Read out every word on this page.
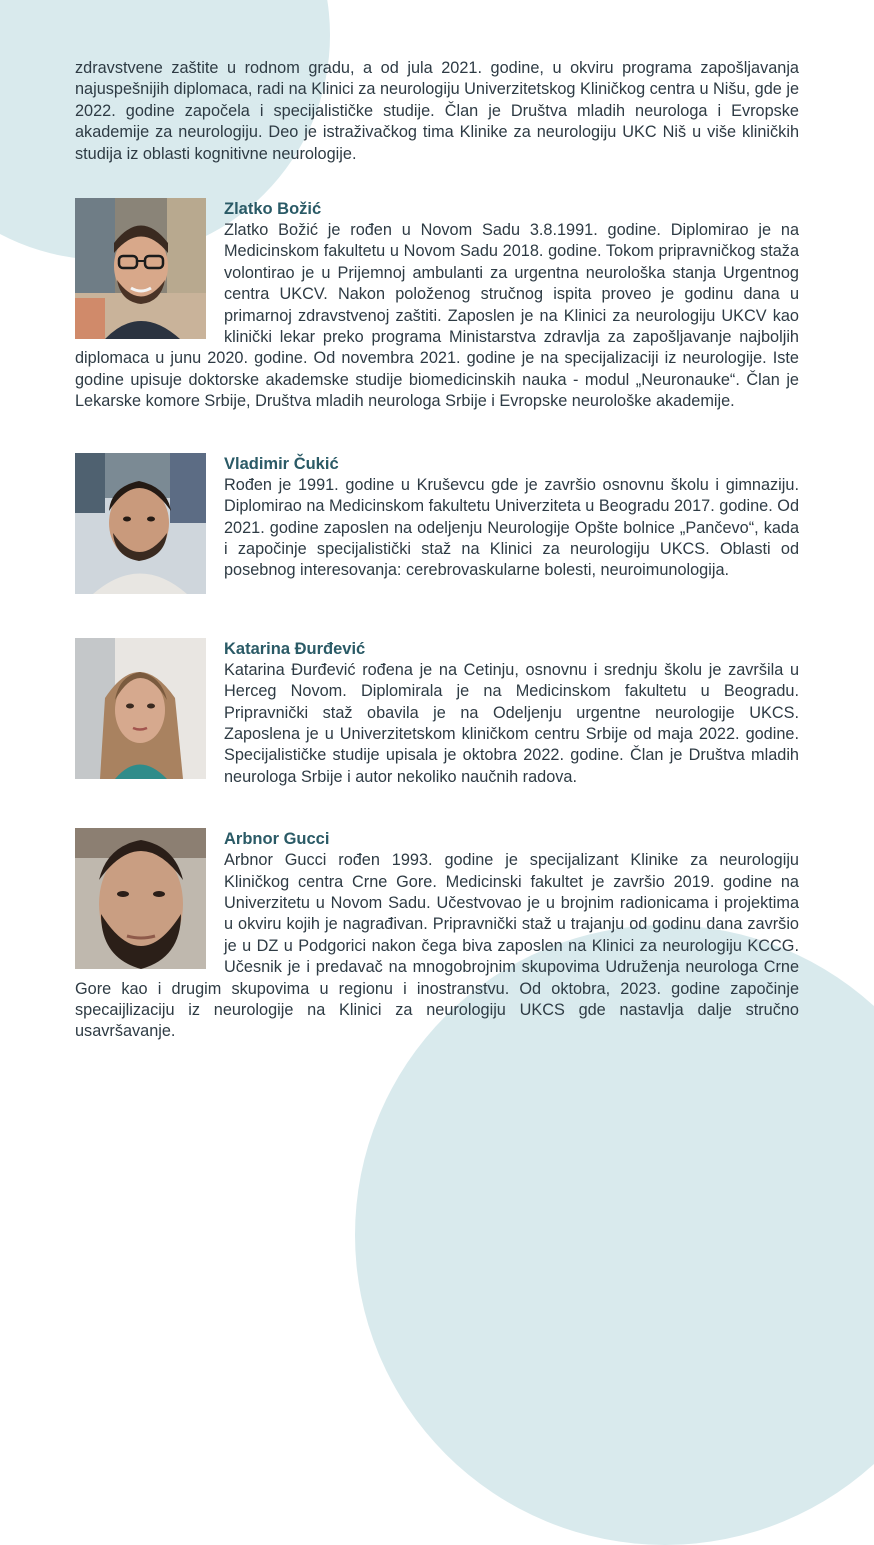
zdravstvene zaštite u rodnom gradu, a od jula 2021. godine, u okviru programa zapošljavanja najuspešnijih diplomaca, radi na Klinici za neurologiju Univerzitetskog Kliničkog centra u Nišu, gde je 2022. godine započela i specijalističke studije. Član je Društva mladih neurologa i Evropske akademije za neurologiju. Deo je istraživačkog tima Klinike za neurologiju UKC Niš u više kliničkih studija iz oblasti kognitivne neurologije.

Zlatko Božić

Zlatko Božić je rođen u Novom Sadu 3.8.1991. godine. Diplomirao je na Medicinskom fakultetu u Novom Sadu 2018. godine. Tokom pripravničkog staža volontirao je u Prijemnoj ambulanti za urgentna neurološka stanja Urgentnog centra UKCV. Nakon položenog stručnog ispita proveo je godinu dana u primarnoj zdravstvenoj zaštiti. Zaposlen je na Klinici za neurologiju UKCV kao klinički lekar preko programa Ministarstva zdravlja za zapošljavanje najboljih diplomaca u junu 2020. godine. Od novembra 2021. godine je na specijalizaciji iz neurologije. Iste godine upisuje doktorske akademske studije biomedicinskih nauka - modul „Neuronauke“. Član je Lekarske komore Srbije, Društva mladih neurologa Srbije i Evropske neurološke akademije.

Vladimir Čukić

Rođen je 1991. godine u Kruševcu gde je završio osnovnu školu i gimnaziju. Diplomirao na Medicinskom fakultetu Univerziteta u Beogradu 2017. godine. Od 2021. godine zaposlen na odeljenju Neurologije Opšte bolnice „Pančevo“, kada i započinje specijalistički staž na Klinici za neurologiju UKCS. Oblasti od posebnog interesovanja: cerebrovaskularne bolesti, neuroimunologija.

Katarina Đurđević

Katarina Đurđević rođena je na Cetinju, osnovnu i srednju školu je završila u Herceg Novom. Diplomirala je na Medicinskom fakultetu u Beogradu. Pripravnički staž obavila je na Odeljenju urgentne neurologije UKCS. Zaposlena je u Univerzitetskom kliničkom centru Srbije od maja 2022. godine. Specijalističke studije upisala je oktobra 2022. godine. Član je Društva mladih neurologa Srbije i autor nekoliko naučnih radova.

Arbnor Gucci

Arbnor Gucci rođen 1993. godine je specijalizant Klinike za neurologiju Kliničkog centra Crne Gore. Medicinski fakultet je završio 2019. godine na Univerzitetu u Novom Sadu. Učestvovao je u brojnim radionicama i projektima u okviru kojih je nagrađivan. Pripravnički staž u trajanju od godinu dana završio je u DZ u Podgorici nakon čega biva zaposlen na Klinici za neurologiju KCCG. Učesnik je i predavač na mnogobrojnim skupovima Udruženja neurologa Crne Gore kao i drugim skupovima u regionu i inostranstvu. Od oktobra, 2023. godine započinje specaijlizaciju iz neurologije na Klinici za neurologiju UKCS gde nastavlja dalje stručno usavršavanje.
